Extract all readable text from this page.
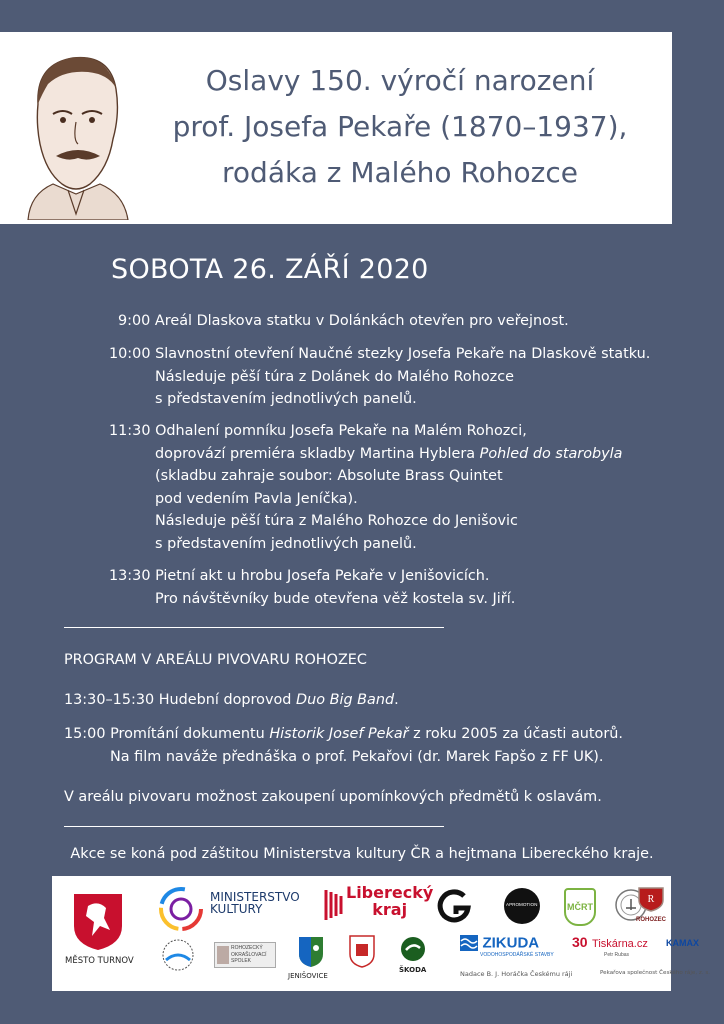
Oslavy 150. výročí narození
prof. Josefa Pekaře (1870–1937),
rodáka z Malého Rohozce
SOBOTA 26. ZÁŘÍ 2020
9:00 Areál Dlaskova statku v Dolánkách otevřen pro veřejnost.
10:00 Slavnostní otevření Naučné stezky Josefa Pekaře na Dlaskově statku.
Následuje pěší túra z Dolánek do Malého Rohozce
s představením jednotlivých panelů.
11:30 Odhalení pomníku Josefa Pekaře na Malém Rohozci,
doprovází premiéra skladby Martina Hyblera Pohled do starobyla
(skladbu zahraje soubor: Absolute Brass Quintet
pod vedením Pavla Jeníčka).
Následuje pěší túra z Malého Rohozce do Jenišovic
s představením jednotlivých panelů.
13:30 Pietní akt u hrobu Josefa Pekaře v Jenišovicích.
Pro návštěvníky bude otevřena věž kostela sv. Jiří.
PROGRAM V AREÁLU PIVOVARU ROHOZEC
13:30–15:30 Hudební doprovod Duo Big Band.
15:00 Promítání dokumentu Historik Josef Pekař z roku 2005 za účasti autorů.
Na film naváže přednáška o prof. Pekařovi (dr. Marek Fapšo z FF UK).
V areálu pivovaru možnost zakoupení upomínkových předmětů k oslavám.
Akce se koná pod záštitou Ministerstva kultury ČR a hejtmana Libereckého kraje.
MĚSTO TURNOV
MINISTERSTVO
KULTURY
Liberecký
kraj	APROMOTION	MČRT
R
ROHOZEC
ROHOZECKÝ
OKRAŠLOVACÍ
SPOLEK
JENIŠOVICE
ŠKODA
ZIKUDA
VODOHOSPODÁŘSKÉ STAVBY
30 Tiskárna.cz
Petr Rubas
KAMAX
Nadace B. J. Horáčka Českému ráji	Pekařova společnost Českého ráje, z. s.
